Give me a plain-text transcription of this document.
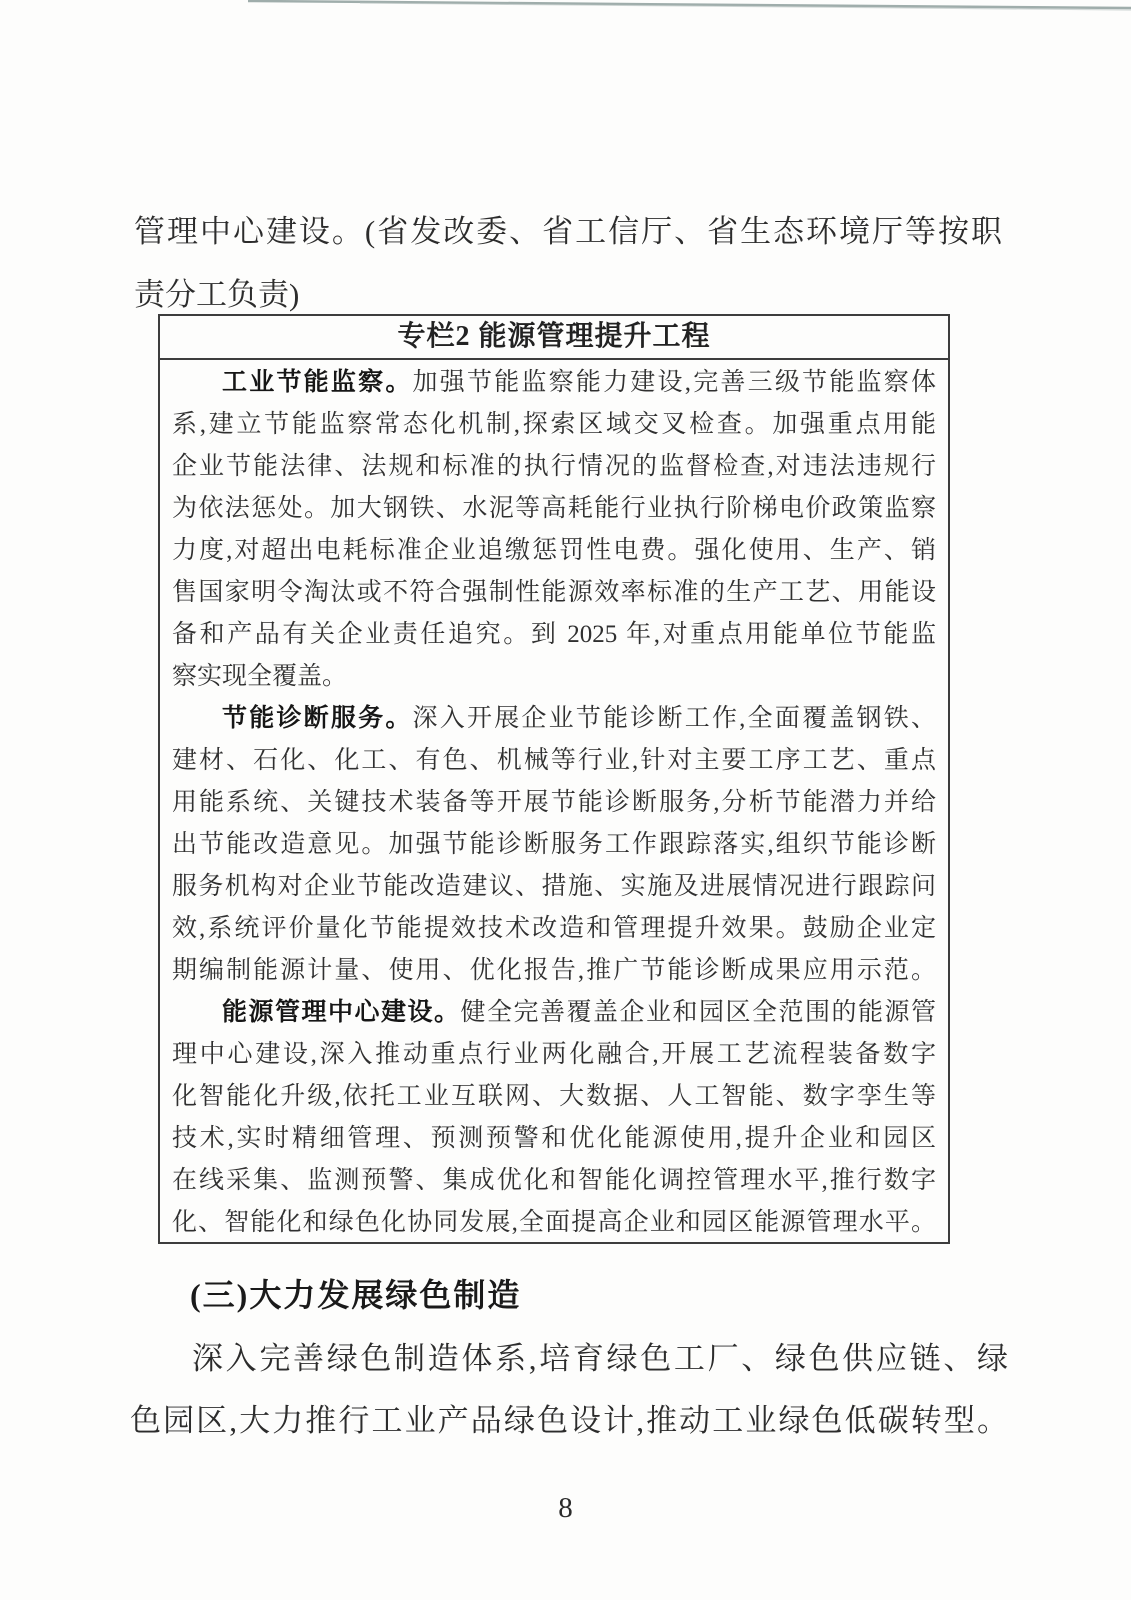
管理中心建设。(省发改委、省工信厅、省生态环境厅等按职
责分工负责)
专栏2 能源管理提升工程
工业节能监察。加强节能监察能力建设,完善三级节能监察体
系,建立节能监察常态化机制,探索区域交叉检查。加强重点用能
企业节能法律、法规和标准的执行情况的监督检查,对违法违规行
为依法惩处。加大钢铁、水泥等高耗能行业执行阶梯电价政策监察
力度,对超出电耗标准企业追缴惩罚性电费。强化使用、生产、销
售国家明令淘汰或不符合强制性能源效率标准的生产工艺、用能设
备和产品有关企业责任追究。到 2025 年,对重点用能单位节能监
察实现全覆盖。
节能诊断服务。深入开展企业节能诊断工作,全面覆盖钢铁、
建材、石化、化工、有色、机械等行业,针对主要工序工艺、重点
用能系统、关键技术装备等开展节能诊断服务,分析节能潜力并给
出节能改造意见。加强节能诊断服务工作跟踪落实,组织节能诊断
服务机构对企业节能改造建议、措施、实施及进展情况进行跟踪问
效,系统评价量化节能提效技术改造和管理提升效果。鼓励企业定
期编制能源计量、使用、优化报告,推广节能诊断成果应用示范。
能源管理中心建设。健全完善覆盖企业和园区全范围的能源管
理中心建设,深入推动重点行业两化融合,开展工艺流程装备数字
化智能化升级,依托工业互联网、大数据、人工智能、数字孪生等
技术,实时精细管理、预测预警和优化能源使用,提升企业和园区
在线采集、监测预警、集成优化和智能化调控管理水平,推行数字
化、智能化和绿色化协同发展,全面提高企业和园区能源管理水平。
(三)大力发展绿色制造
深入完善绿色制造体系,培育绿色工厂、绿色供应链、绿
色园区,大力推行工业产品绿色设计,推动工业绿色低碳转型。
8
